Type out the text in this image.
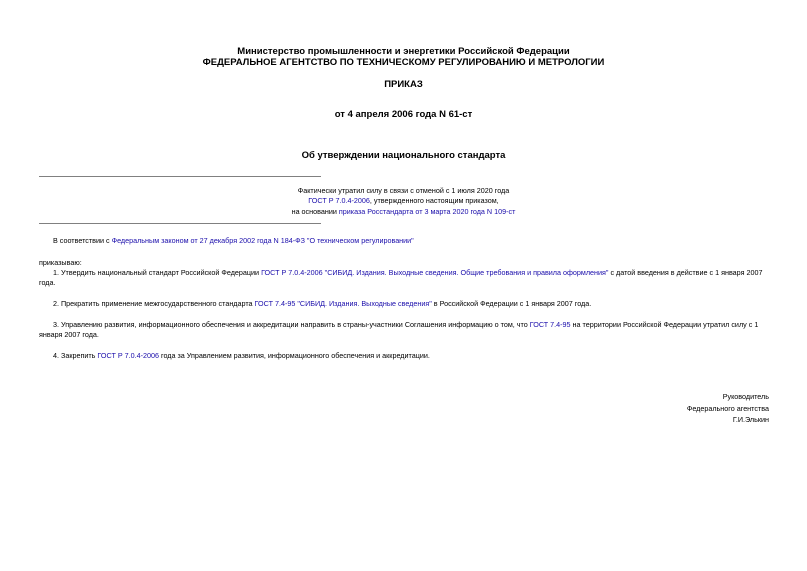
Министерство промышленности и энергетики Российской Федерации
ФЕДЕРАЛЬНОЕ АГЕНТСТВО ПО ТЕХНИЧЕСКОМУ РЕГУЛИРОВАНИЮ И МЕТРОЛОГИИ
ПРИКАЗ
от 4 апреля 2006 года N 61-ст
Об утверждении национального стандарта
Фактически утратил силу в связи с отменой с 1 июля 2020 года
ГОСТ Р 7.0.4-2006, утвержденного настоящим приказом,
на основании приказа Росстандарта от 3 марта 2020 года N 109-ст
В соответствии с Федеральным законом от 27 декабря 2002 года N 184-ФЗ "О техническом регулировании"
приказываю:
1. Утвердить национальный стандарт Российской Федерации ГОСТ Р 7.0.4-2006 "СИБИД. Издания. Выходные сведения. Общие требования и правила оформления" с датой введения в действие с 1 января 2007 года.
2. Прекратить применение межгосударственного стандарта ГОСТ 7.4-95 "СИБИД. Издания. Выходные сведения" в Российской Федерации с 1 января 2007 года.
3. Управлению развития, информационного обеспечения и аккредитации направить в страны-участники Соглашения информацию о том, что ГОСТ 7.4-95 на территории Российской Федерации утратил силу с 1 января 2007 года.
4. Закрепить ГОСТ Р 7.0.4-2006 года за Управлением развития, информационного обеспечения и аккредитации.
Руководитель
Федерального агентства
Г.И.Элькин
